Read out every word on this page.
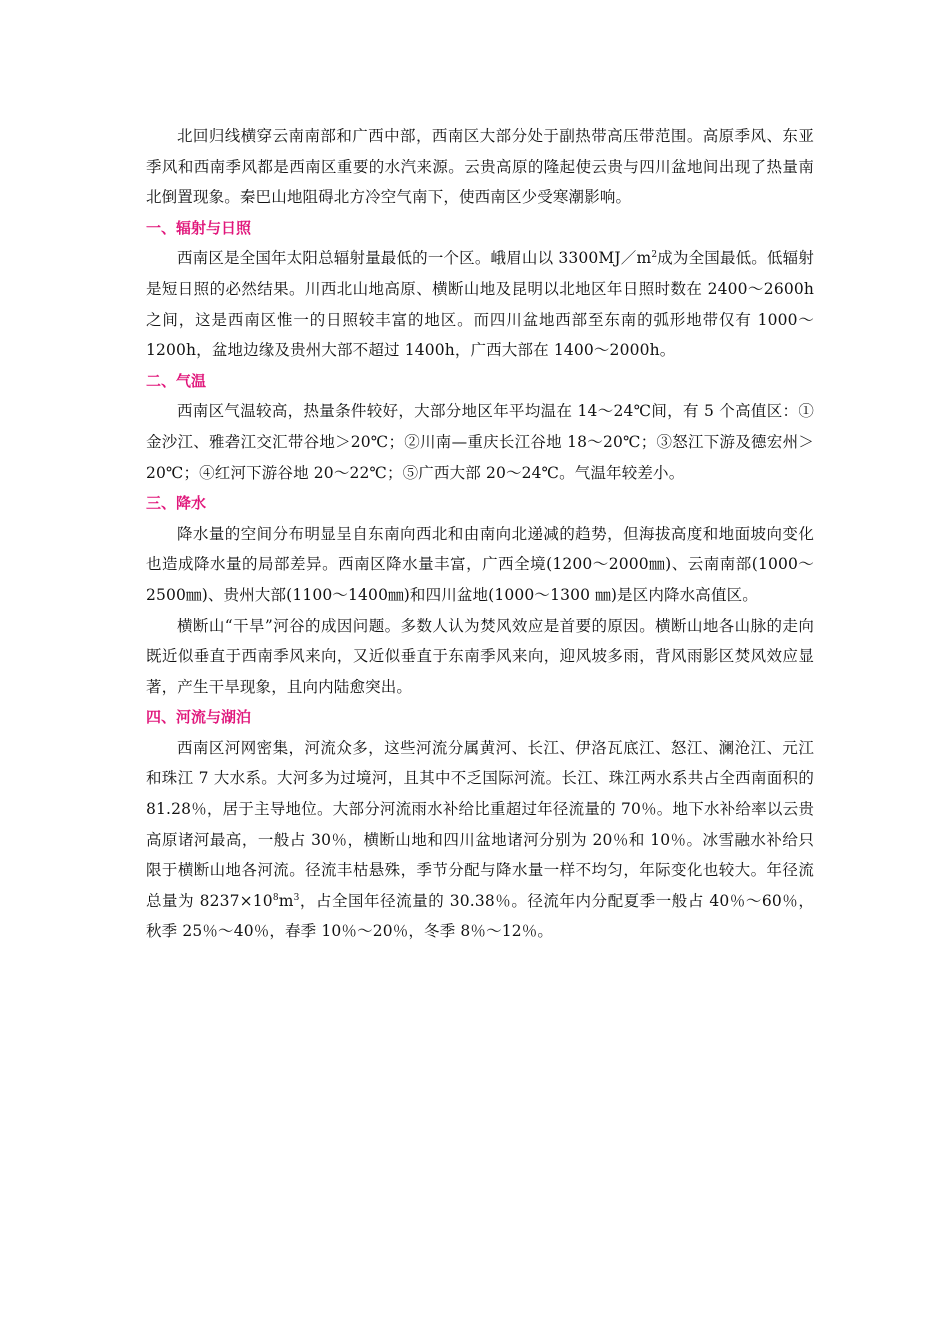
北回归线横穿云南南部和广西中部，西南区大部分处于副热带高压带范围。高原季风、东亚季风和西南季风都是西南区重要的水汽来源。云贵高原的隆起使云贵与四川盆地间出现了热量南北倒置现象。秦巴山地阻碍北方冷空气南下，使西南区少受寒潮影响。

一、辐射与日照

西南区是全国年太阳总辐射量最低的一个区。峨眉山以 $3300MJ/m^2$成为全国最低。低辐射是短日照的必然结果。川西北山地高原、横断山地及昆明以北地区年日照时数在 2400～2600h 之间，这是西南区惟一的日照较丰富的地区。而四川盆地西部至东南的弧形地带仅有 1000～1200h，盆地边缘及贵州大部不超过 1400h，广西大部在 1400～2000h。

二、气温

西南区气温较高，热量条件较好，大部分地区年平均温在 14～24℃间，有 5 个高值区：①金沙江、雅砻江交汇带谷地＞20℃；②川南—重庆长江谷地 18～20℃；③怒江下游及德宏州＞20℃；④红河下游谷地 20～22℃；⑤广西大部 20～24℃。气温年较差小。

三、降水

降水量的空间分布明显呈自东南向西北和由南向北递减的趋势，但海拔高度和地面坡向变化也造成降水量的局部差异。西南区降水量丰富，广西全境(1200～2000㎜)、云南南部(1000～2500㎜)、贵州大部(1100～1400㎜)和四川盆地(1000～1300 ㎜)是区内降水高值区。

横断山“干旱”河谷的成因问题。多数人认为焚风效应是首要的原因。横断山地各山脉的走向既近似垂直于西南季风来向，又近似垂直于东南季风来向，迎风坡多雨，背风雨影区焚风效应显著，产生干旱现象，且向内陆愈突出。

四、河流与湖泊

西南区河网密集，河流众多，这些河流分属黄河、长江、伊洛瓦底江、怒江、澜沧江、元江和珠江 7 大水系。大河多为过境河，且其中不乏国际河流。长江、珠江两水系共占全西南面积的 81.28％，居于主导地位。大部分河流雨水补给比重超过年径流量的 70％。地下水补给率以云贵高原诸河最高，一般占 30％，横断山地和四川盆地诸河分别为 20％和 10％。冰雪融水补给只限于横断山地各河流。径流丰枯悬殊，季节分配与降水量一样不均匀，年际变化也较大。年径流总量为 $8237\times 10^8m^3$，占全国年径流量的 30.38％。径流年内分配夏季一般占 40％～60％，秋季 25％～40％，春季 10％～20％，冬季 8％～12％。
